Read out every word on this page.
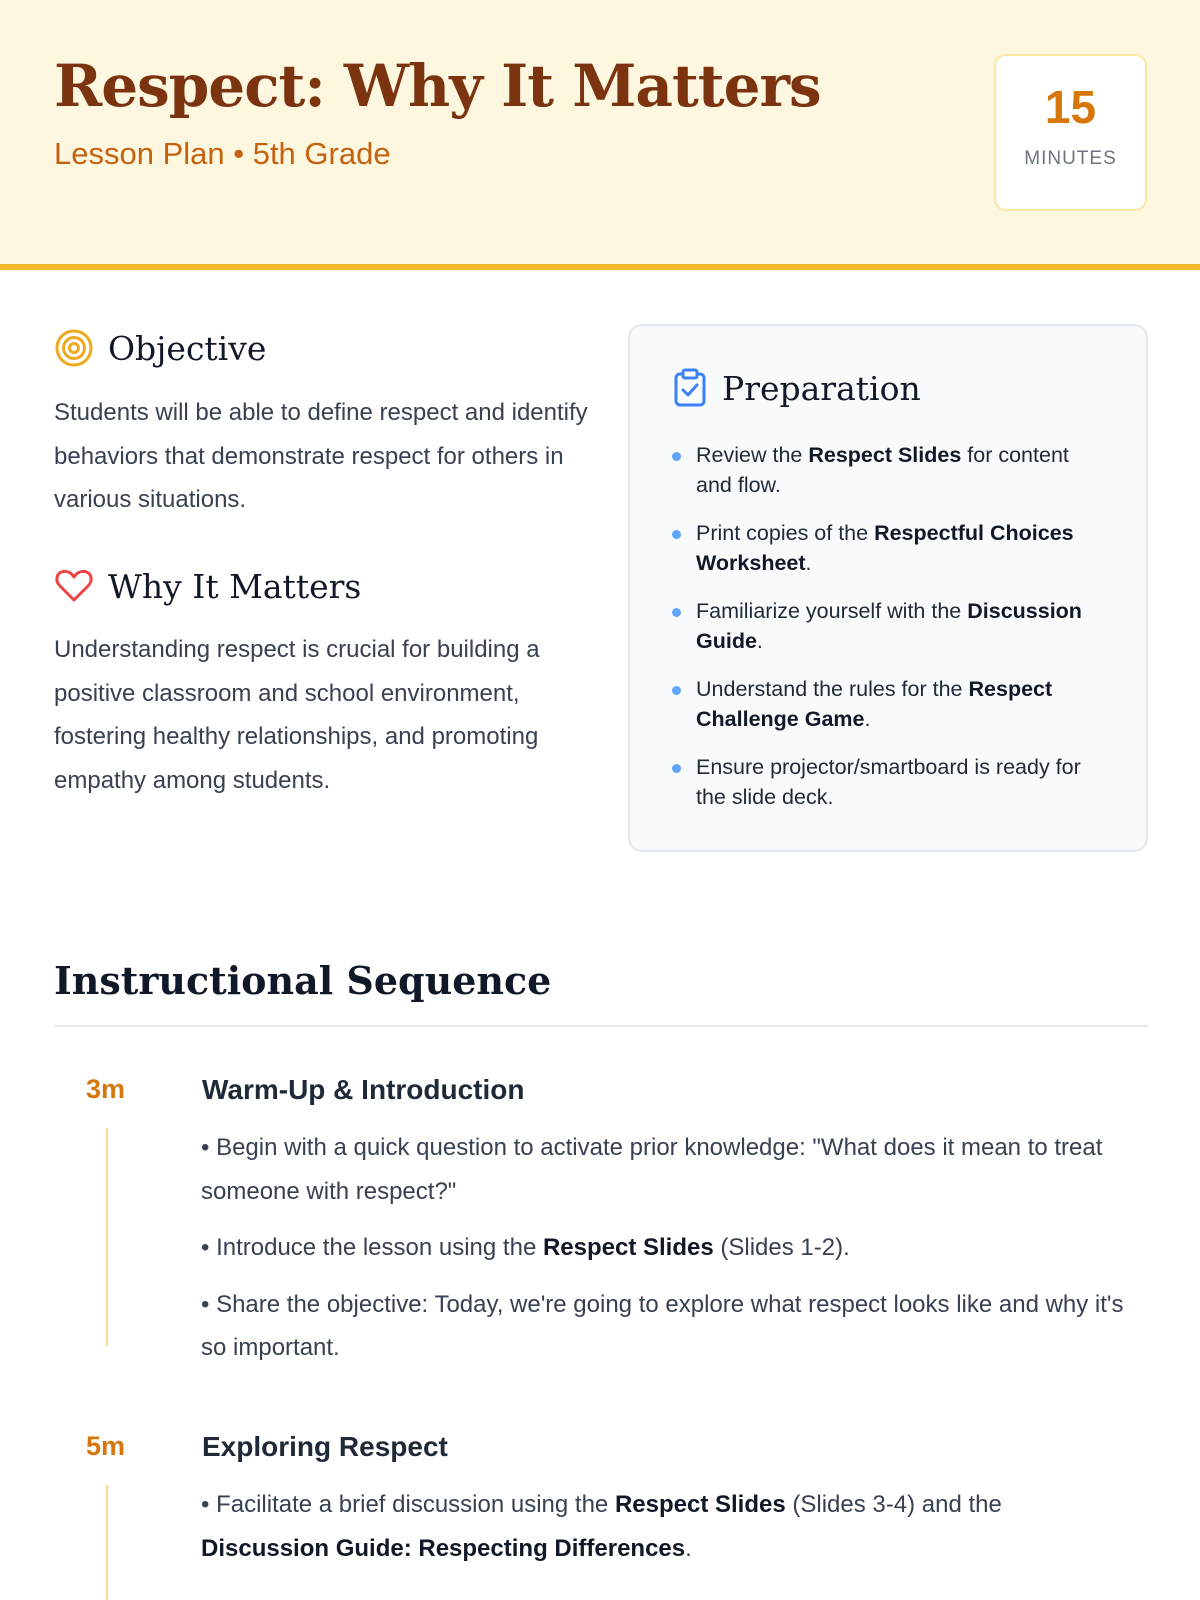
Respect: Why It Matters
Lesson Plan • 5th Grade
15
MINUTES
Objective

Students will be able to define respect and identify behaviors that demonstrate respect for others in various situations.

Why It Matters

Understanding respect is crucial for building a positive classroom and school environment, fostering healthy relationships, and promoting empathy among students.

Preparation
Review the Respect Slides for content and flow.
Print copies of the Respectful Choices Worksheet.
Familiarize yourself with the Discussion Guide.
Understand the rules for the Respect Challenge Game.
Ensure projector/smartboard is ready for the slide deck.
Instructional Sequence
3m	Warm-Up & Introduction

• Begin with a quick question to activate prior knowledge: "What does it mean to treat someone with respect?"

• Introduce the lesson using the Respect Slides (Slides 1-2).

• Share the objective: Today, we're going to explore what respect looks like and why it's so important.

5m	Exploring Respect

• Facilitate a brief discussion using the Respect Slides (Slides 3-4) and the Discussion Guide: Respecting Differences.
